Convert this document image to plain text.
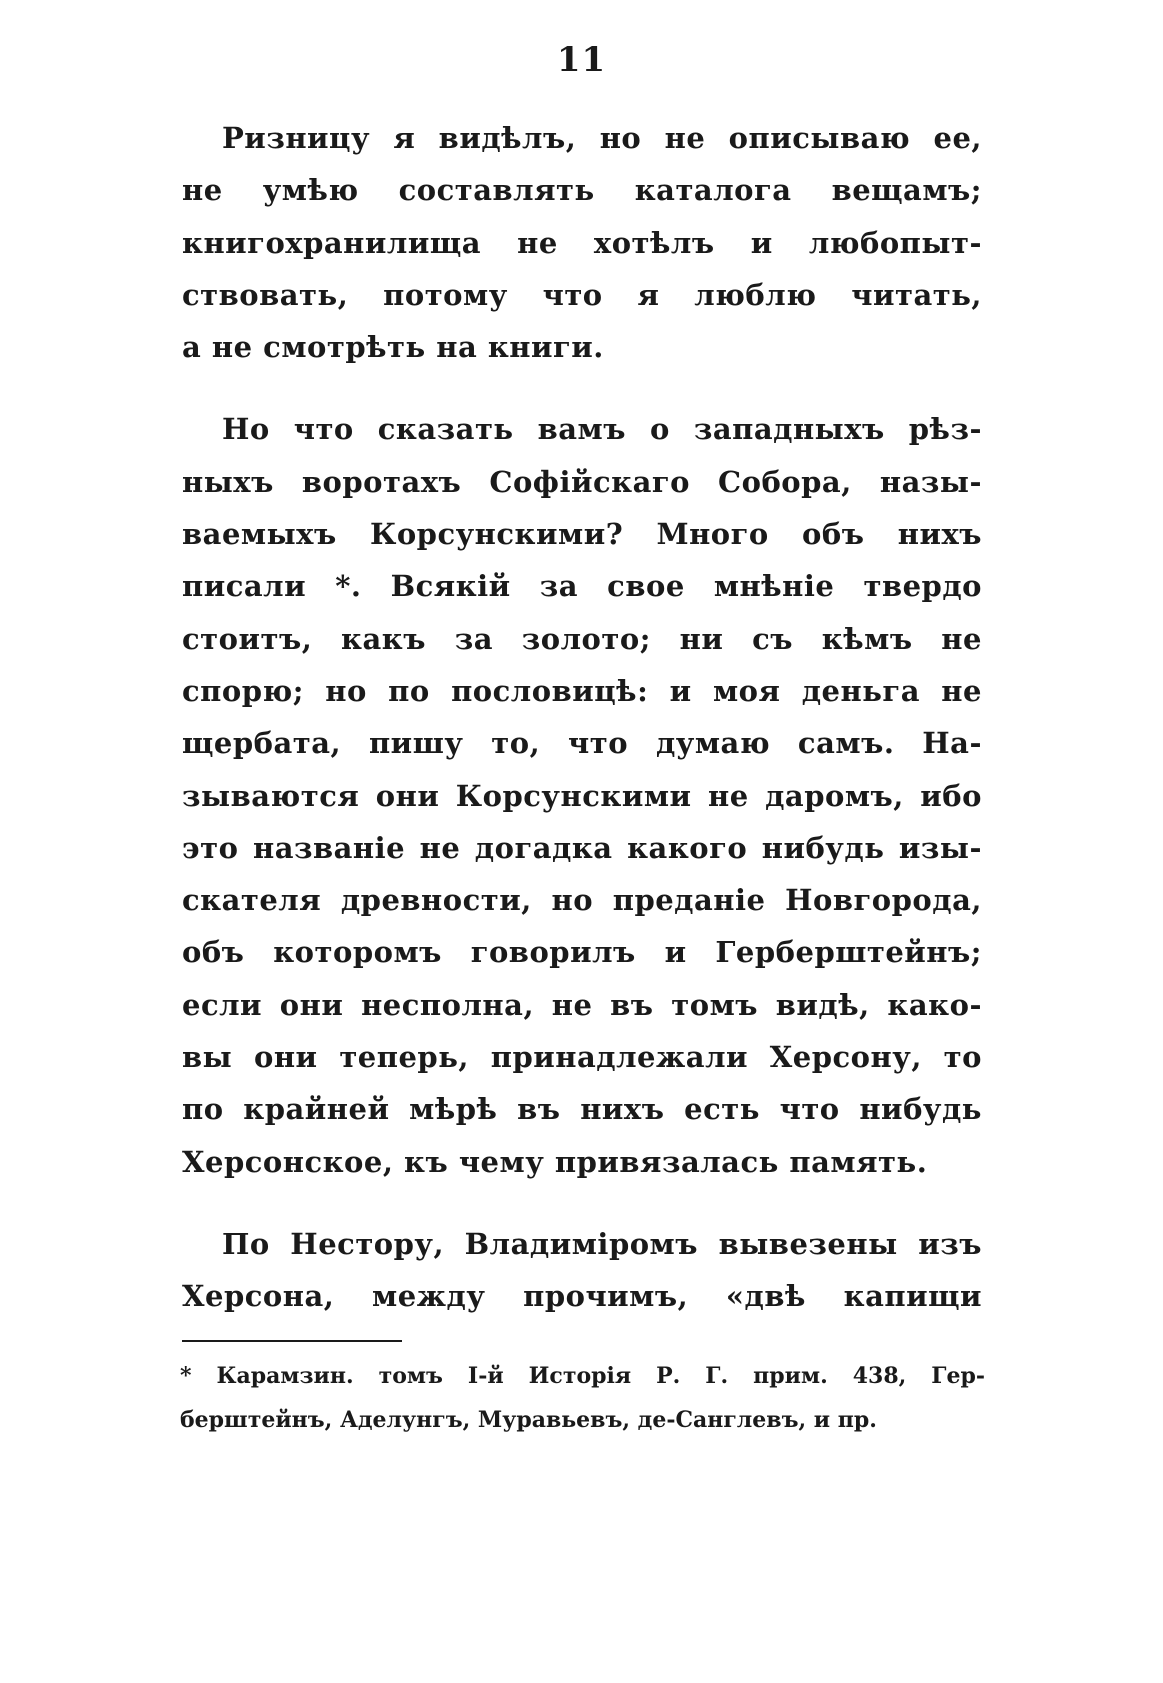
11
Ризницу я видѣлъ, но не описываю ее,
не умѣю составлять каталога вещамъ;
книгохранилища не хотѣлъ и любопыт-
ствовать, потому что я люблю читать,
а не смотрѣть на книги.
Но что сказать вамъ о западныхъ рѣз-
ныхъ воротахъ Софійскаго Собора, назы-
ваемыхъ Корсунскими? Много объ нихъ
писали *. Всякій за свое мнѣніе твердо
стоитъ, какъ за золото; ни съ кѣмъ не
спорю; но по пословицѣ: и моя деньга не
щербата, пишу то, что думаю самъ. На-
зываются они Корсунскими не даромъ, ибо
это названіе не догадка какого нибудь изы-
скателя древности, но преданіе Новгорода,
объ которомъ говорилъ и Герберштейнъ;
если они несполна, не въ томъ видѣ, како-
вы они теперь, принадлежали Херсону, то
по крайней мѣрѣ въ нихъ есть что нибудь
Херсонское, къ чему привязалась память.
По Нестору, Владиміромъ вывезены изъ
Херсона, между прочимъ, «двѣ капищи
* Карамзин. томъ I-й Исторія Р. Г. прим. 438, Гер-
берштейнъ, Аделунгъ, Муравьевъ, де-Санглевъ, и пр.
